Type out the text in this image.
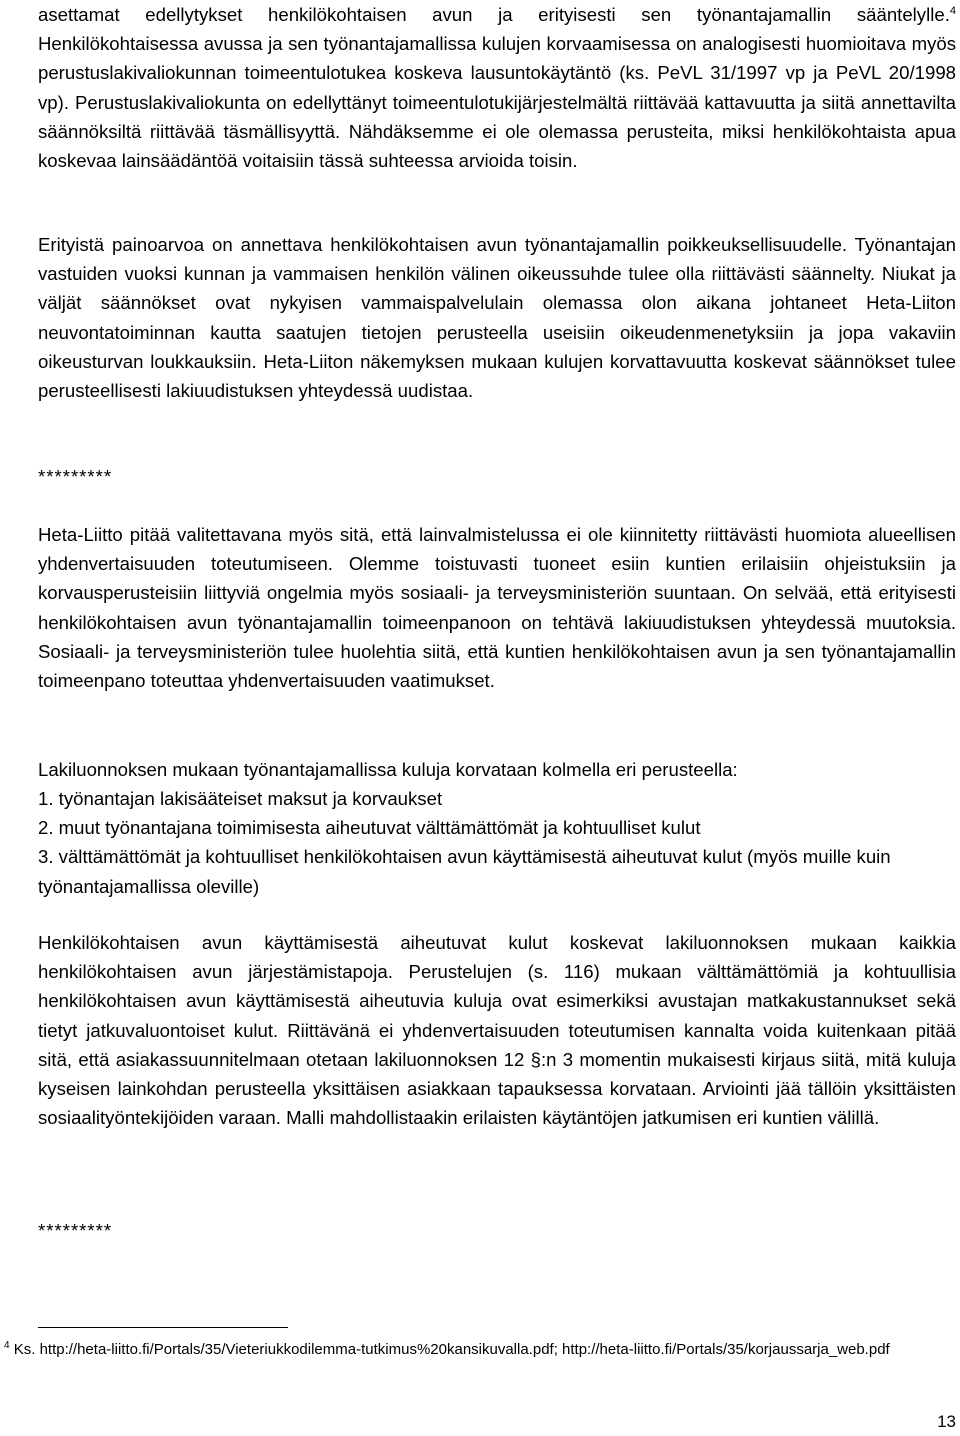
asettamat edellytykset henkilökohtaisen avun ja erityisesti sen työnantajamallin sääntelylle.$^4$ Henkilökohtaisessa avussa ja sen työnantajamallissa kulujen korvaamisessa on analogisesti huomioitava myös perustuslakivaliokunnan toimeentulotukea koskeva lausuntokäytäntö (ks. PeVL 31/1997 vp ja PeVL 20/1998 vp). Perustuslakivaliokunta on edellyttänyt toimeentulotukijärjestelmältä riittävää kattavuutta ja siitä annettavilta säännöksiltä riittävää täsmällisyyttä. Nähdäksemme ei ole olemassa perusteita, miksi henkilökohtaista apua koskevaa lainsäädäntöä voitaisiin tässä suhteessa arvioida toisin.

Erityistä painoarvoa on annettava henkilökohtaisen avun työnantajamallin poikkeuksellisuudelle. Työnantajan vastuiden vuoksi kunnan ja vammaisen henkilön välinen oikeussuhde tulee olla riittävästi säännelty. Niukat ja väljät säännökset ovat nykyisen vammaispalvelulain olemassa olon aikana johtaneet Heta-Liiton neuvontatoiminnan kautta saatujen tietojen perusteella useisiin oikeudenmenetyksiin ja jopa vakaviin oikeusturvan loukkauksiin. Heta-Liiton näkemyksen mukaan kulujen korvattavuutta koskevat säännökset tulee perusteellisesti lakiuudistuksen yhteydessä uudistaa.

*********

Heta-Liitto pitää valitettavana myös sitä, että lainvalmistelussa ei ole kiinnitetty riittävästi huomiota alueellisen yhdenvertaisuuden toteutumiseen. Olemme toistuvasti tuoneet esiin kuntien erilaisiin ohjeistuksiin ja korvausperusteisiin liittyviä ongelmia myös sosiaali- ja terveysministeriön suuntaan. On selvää, että erityisesti henkilökohtaisen avun työnantajamallin toimeenpanoon on tehtävä lakiuudistuksen yhteydessä muutoksia. Sosiaali- ja terveysministeriön tulee huolehtia siitä, että kuntien henkilökohtaisen avun ja sen työnantajamallin toimeenpano toteuttaa yhdenvertaisuuden vaatimukset.

Lakiluonnoksen mukaan työnantajamallissa kuluja korvataan kolmella eri perusteella:

1. työnantajan lakisääteiset maksut ja korvaukset
2. muut työnantajana toimimisesta aiheutuvat välttämättömät ja kohtuulliset kulut
3. välttämättömät ja kohtuulliset henkilökohtaisen avun käyttämisestä aiheutuvat kulut (myös muille kuin työnantajamallissa oleville)

Henkilökohtaisen avun käyttämisestä aiheutuvat kulut koskevat lakiluonnoksen mukaan kaikkia henkilökohtaisen avun järjestämistapoja. Perustelujen (s. 116) mukaan välttämättömiä ja kohtuullisia henkilökohtaisen avun käyttämisestä aiheutuvia kuluja ovat esimerkiksi avustajan matkakustannukset sekä tietyt jatkuvaluontoiset kulut. Riittävänä ei yhdenvertaisuuden toteutumisen kannalta voida kuitenkaan pitää sitä, että asiakassuunnitelmaan otetaan lakiluonnoksen 12 §:n 3 momentin mukaisesti kirjaus siitä, mitä kuluja kyseisen lainkohdan perusteella yksittäisen asiakkaan tapauksessa korvataan. Arviointi jää tällöin yksittäisten sosiaalityöntekijöiden varaan. Malli mahdollistaakin erilaisten käytäntöjen jatkumisen eri kuntien välillä.

*********
$^4$ Ks. http://heta-liitto.fi/Portals/35/Vieteriukkodilemma-tutkimus%20kansikuvalla.pdf; http://heta-liitto.fi/Portals/35/korjaussarja_web.pdf
13
